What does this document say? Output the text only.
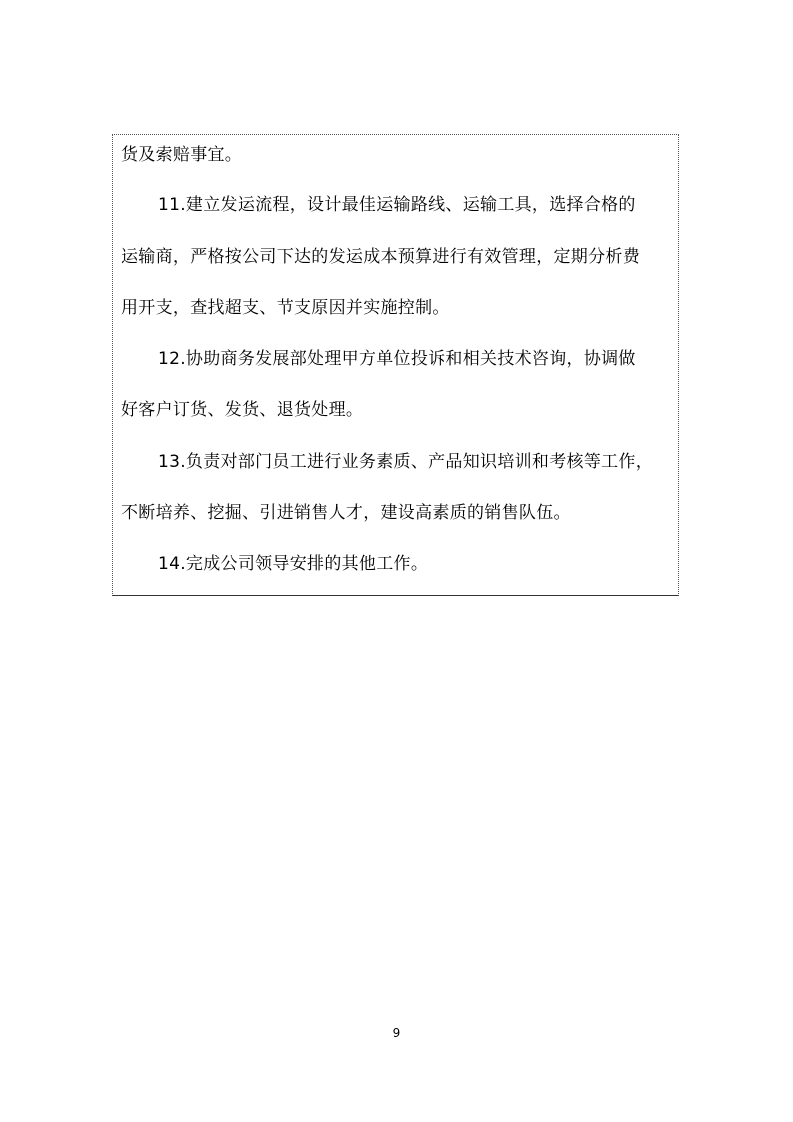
货及索赔事宜。
11.建立发运流程，设计最佳运输路线、运输工具，选择合格的
运输商，严格按公司下达的发运成本预算进行有效管理，定期分析费
用开支，查找超支、节支原因并实施控制。
12.协助商务发展部处理甲方单位投诉和相关技术咨询，协调做
好客户订货、发货、退货处理。
13.负责对部门员工进行业务素质、产品知识培训和考核等工作，
不断培养、挖掘、引进销售人才，建设高素质的销售队伍。
14.完成公司领导安排的其他工作。
9
